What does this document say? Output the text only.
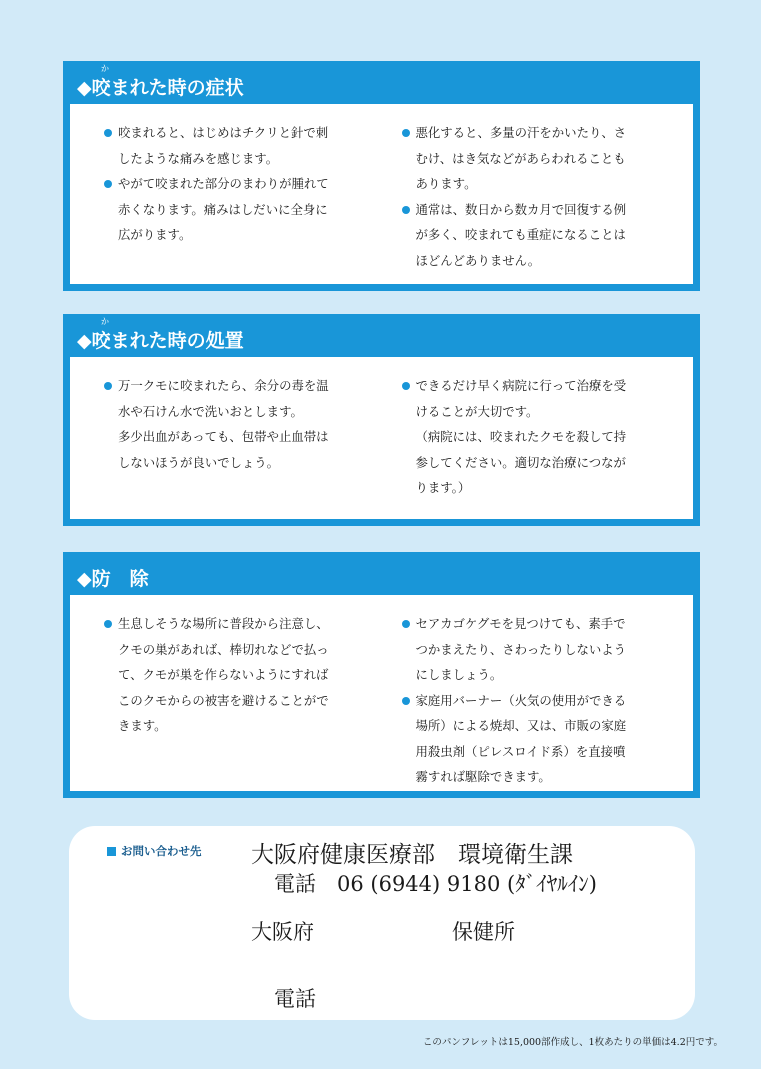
か
◆咬まれた時の症状

咬まれると、はじめはチクリと針で刺

したような痛みを感じます。

やがて咬まれた部分のまわりが腫れて

赤くなります。痛みはしだいに全身に

広がります。

悪化すると、多量の汗をかいたり、さ

むけ、はき気などがあらわれることも

あります。

通常は、数日から数カ月で回復する例

が多く、咬まれても重症になることは

ほどんどありません。

か
◆咬まれた時の処置

万一クモに咬まれたら、余分の毒を温

水や石けん水で洗いおとします。

多少出血があっても、包帯や止血帯は

しないほうが良いでしょう。

できるだけ早く病院に行って治療を受

けることが大切です。

（病院には、咬まれたクモを殺して持

参してください。適切な治療につなが

ります。）

◆防　除

生息しそうな場所に普段から注意し、

クモの巣があれば、棒切れなどで払っ

て、クモが巣を作らないようにすれば

このクモからの被害を避けることがで

きます。

セアカゴケグモを見つけても、素手で

つかまえたり、さわったりしないよう

にしましょう。

家庭用バーナー（火気の使用ができる

場所）による焼却、又は、市販の家庭

用殺虫剤（ピレスロイド系）を直接噴

霧すれば駆除できます。

お問い合わせ先 大阪府健康医療部　環境衛生課
電話　06 (6944) 9180 (ﾀﾞｲﾔﾙｲﾝ)
大阪府	保健所
電話
このパンフレットは15,000部作成し、1枚あたりの単価は4.2円です。
